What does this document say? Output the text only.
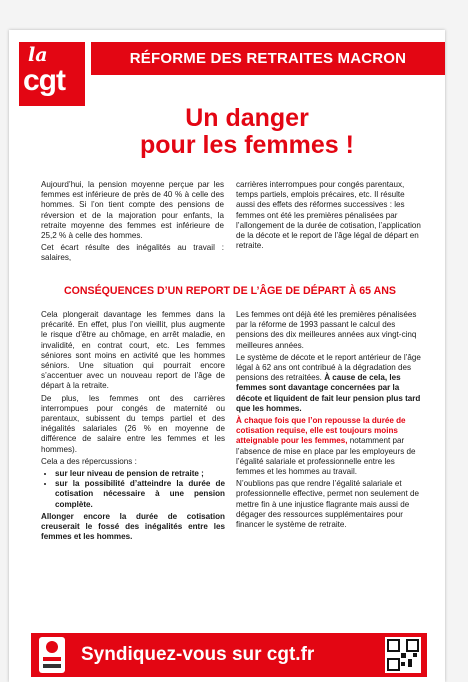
la
cgt
RÉFORME DES RETRAITES MACRON
Un danger
pour les femmes !

Aujourd’hui, la pension moyenne perçue par les femmes est inférieure de près de 40 % à celle des hommes. Si l’on tient compte des pensions de réversion et de la majoration pour enfants, la retraite moyenne des femmes est inférieure de 25,2 % à celle des hommes.

Cet écart résulte des inégalités au travail : salaires,

carrières interrompues pour congés parentaux, temps partiels, emplois précaires, etc. Il résulte aussi des effets des réformes successives : les femmes ont été les premières pénalisées par l’allongement de la durée de cotisation, l’application de la décote et le report de l’âge légal de départ en retraite.

CONSÉQUENCES D’UN REPORT DE L’ÂGE DE DÉPART À 65 ANS

Cela plongerait davantage les femmes dans la précarité. En effet, plus l’on vieillit, plus augmente le risque d’être au chômage, en arrêt maladie, en invalidité, en contrat court, etc. Les femmes séniores sont moins en activité que les hommes séniors. Une situation qui pourrait encore s’accentuer avec un nouveau report de l’âge de départ à la retraite.

De plus, les femmes ont des carrières interrompues pour congés de maternité ou parentaux, subissent du temps partiel et des inégalités salariales (26 % en moyenne de différence de salaire entre les femmes et les hommes).

Cela a des répercussions :

• sur leur niveau de pension de retraite ;
• sur la possibilité d’atteindre la durée de cotisation nécessaire à une pension complète.

Allonger encore la durée de cotisation creuserait le fossé des inégalités entre les femmes et les hommes.

Les femmes ont déjà été les premières pénalisées par la réforme de 1993 passant le calcul des pensions des dix meilleures années aux vingt-cinq meilleures années.

Le système de décote et le report antérieur de l’âge légal à 62 ans ont contribué à la dégradation des pensions des retraitées. À cause de cela, les femmes sont davantage concernées par la décote et liquident de fait leur pension plus tard que les hommes.

À chaque fois que l’on repousse la durée de cotisation requise, elle est toujours moins atteignable pour les femmes, notamment par l’absence de mise en place par les employeurs de l’égalité salariale et professionnelle entre les femmes et les hommes au travail.

N’oublions pas que rendre l’égalité salariale et professionnelle effective, permet non seulement de mettre fin à une injustice flagrante mais aussi de dégager des ressources supplémentaires pour financer le système de retraite.

Syndiquez-vous sur cgt.fr
